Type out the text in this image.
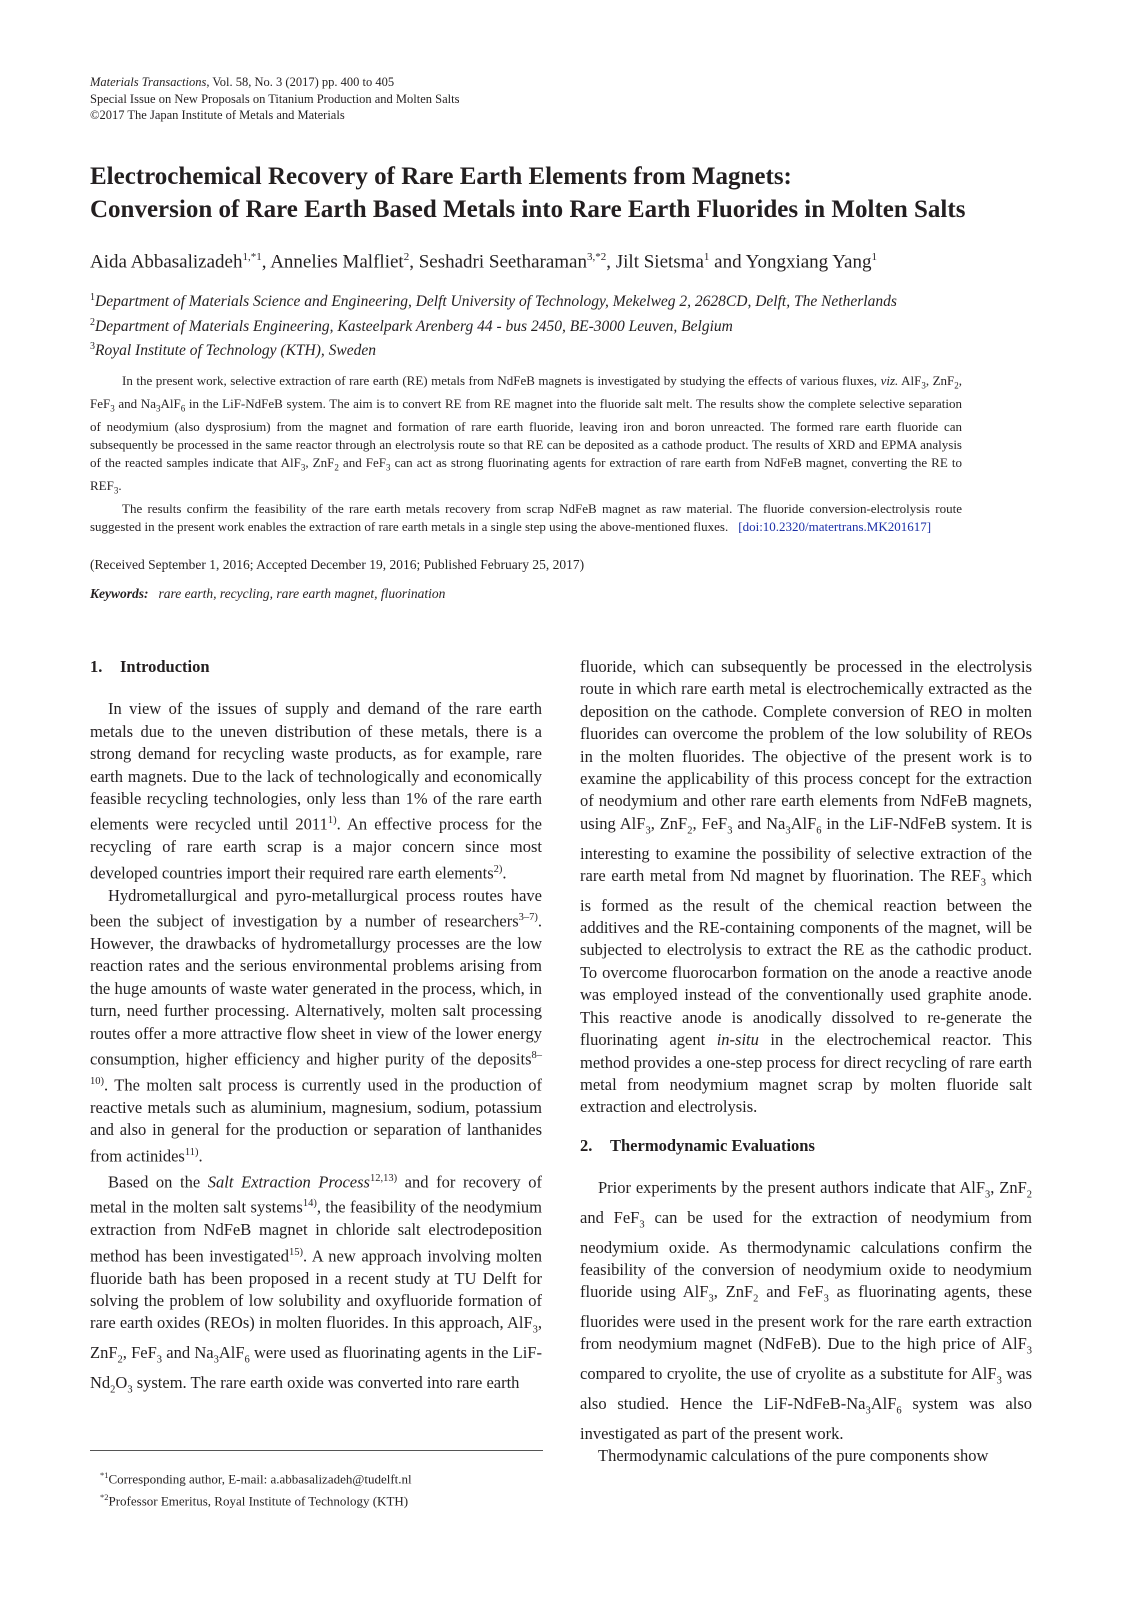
Materials Transactions, Vol. 58, No. 3 (2017) pp. 400 to 405
Special Issue on New Proposals on Titanium Production and Molten Salts
©2017 The Japan Institute of Metals and Materials
Electrochemical Recovery of Rare Earth Elements from Magnets:
Conversion of Rare Earth Based Metals into Rare Earth Fluorides in Molten Salts
Aida Abbasalizadeh$^{1,*1}$, Annelies Malfliet$^2$, Seshadri Seetharaman$^{3,*2}$, Jilt Sietsma$^1$ and Yongxiang Yang$^1$
$^1$Department of Materials Science and Engineering, Delft University of Technology, Mekelweg 2, 2628CD, Delft, The Netherlands
$^2$Department of Materials Engineering, Kasteelpark Arenberg 44 - bus 2450, BE-3000 Leuven, Belgium
$^3$Royal Institute of Technology (KTH), Sweden

In the present work, selective extraction of rare earth (RE) metals from NdFeB magnets is investigated by studying the effects of various fluxes, viz. AlF$_3$, ZnF$_2$, FeF$_3$ and $Na_3AlF_6$ in the LiF-NdFeB system. The aim is to convert RE from RE magnet into the fluoride salt melt. The results show the complete selective separation of neodymium (also dysprosium) from the magnet and formation of rare earth fluoride, leaving iron and boron unreacted. The formed rare earth fluoride can subsequently be processed in the same reactor through an electrolysis route so that RE can be deposited as a cathode product. The results of XRD and EPMA analysis of the reacted samples indicate that AlF$_3$, ZnF$_2$ and FeF$_3$ can act as strong fluorinating agents for extraction of rare earth from NdFeB magnet, converting the RE to $REF_3$.

The results confirm the feasibility of the rare earth metals recovery from scrap NdFeB magnet as raw material. The fluoride conversion-electrolysis route suggested in the present work enables the extraction of rare earth metals in a single step using the above-mentioned fluxes. [doi:10.2320/matertrans.MK201617]

(Received September 1, 2016; Accepted December 19, 2016; Published February 25, 2017)
Keywords: rare earth, recycling, rare earth magnet, fluorination

1. Introduction

In view of the issues of supply and demand of the rare earth metals due to the uneven distribution of these metals, there is a strong demand for recycling waste products, as for example, rare earth magnets. Due to the lack of technologically and economically feasible recycling technologies, only less than 1% of the rare earth elements were recycled until 2011$^{1)}$. An effective process for the recycling of rare earth scrap is a major concern since most developed countries import their required rare earth elements$^{2)}$.

Hydrometallurgical and pyro-metallurgical process routes have been the subject of investigation by a number of researchers$^{3-7)}$. However, the drawbacks of hydrometallurgy processes are the low reaction rates and the serious environmental problems arising from the huge amounts of waste water generated in the process, which, in turn, need further processing. Alternatively, molten salt processing routes offer a more attractive flow sheet in view of the lower energy consumption, higher efficiency and higher purity of the deposits$^{8-10)}$. The molten salt process is currently used in the production of reactive metals such as aluminium, magnesium, sodium, potassium and also in general for the production or separation of lanthanides from actinides$^{11)}$.

Based on the Salt Extraction Process$^{12,13)}$ and for recovery of metal in the molten salt systems$^{14)}$, the feasibility of the neodymium extraction from NdFeB magnet in chloride salt electrodeposition method has been investigated$^{15)}$. A new approach involving molten fluoride bath has been proposed in a recent study at TU Delft for solving the problem of low solubility and oxyfluoride formation of rare earth oxides (REOs) in molten fluorides. In this approach, AlF$_3$, ZnF$_2$, FeF$_3$ and $Na_3AlF_6$ were used as fluorinating agents in the LiF-$Nd_2O_3$ system. The rare earth oxide was converted into rare earth

fluoride, which can subsequently be processed in the electrolysis route in which rare earth metal is electrochemically extracted as the deposition on the cathode. Complete conversion of REO in molten fluorides can overcome the problem of the low solubility of REOs in the molten fluorides. The objective of the present work is to examine the applicability of this process concept for the extraction of neodymium and other rare earth elements from NdFeB magnets, using AlF$_3$, ZnF$_2$, FeF$_3$ and $Na_3AlF_6$ in the LiF-NdFeB system. It is interesting to examine the possibility of selective extraction of the rare earth metal from Nd magnet by fluorination. The $REF_3$ which is formed as the result of the chemical reaction between the additives and the RE-containing components of the magnet, will be subjected to electrolysis to extract the RE as the cathodic product. To overcome fluorocarbon formation on the anode a reactive anode was employed instead of the conventionally used graphite anode. This reactive anode is anodically dissolved to re-generate the fluorinating agent in-situ in the electrochemical reactor. This method provides a one-step process for direct recycling of rare earth metal from neodymium magnet scrap by molten fluoride salt extraction and electrolysis.

2. Thermodynamic Evaluations

Prior experiments by the present authors indicate that AlF$_3$, ZnF$_2$ and FeF$_3$ can be used for the extraction of neodymium from neodymium oxide. As thermodynamic calculations confirm the feasibility of the conversion of neodymium oxide to neodymium fluoride using AlF$_3$, ZnF$_2$ and FeF$_3$ as fluorinating agents, these fluorides were used in the present work for the rare earth extraction from neodymium magnet (NdFeB). Due to the high price of AlF$_3$ compared to cryolite, the use of cryolite as a substitute for AlF$_3$ was also studied. Hence the LiF-$NdFeB-Na_3AlF_6$ system was also investigated as part of the present work.

Thermodynamic calculations of the pure components show

$^{*1}$Corresponding author, E-mail: a.abbasalizadeh@tudelft.nl
$^{*2}$Professor Emeritus, Royal Institute of Technology (KTH)
